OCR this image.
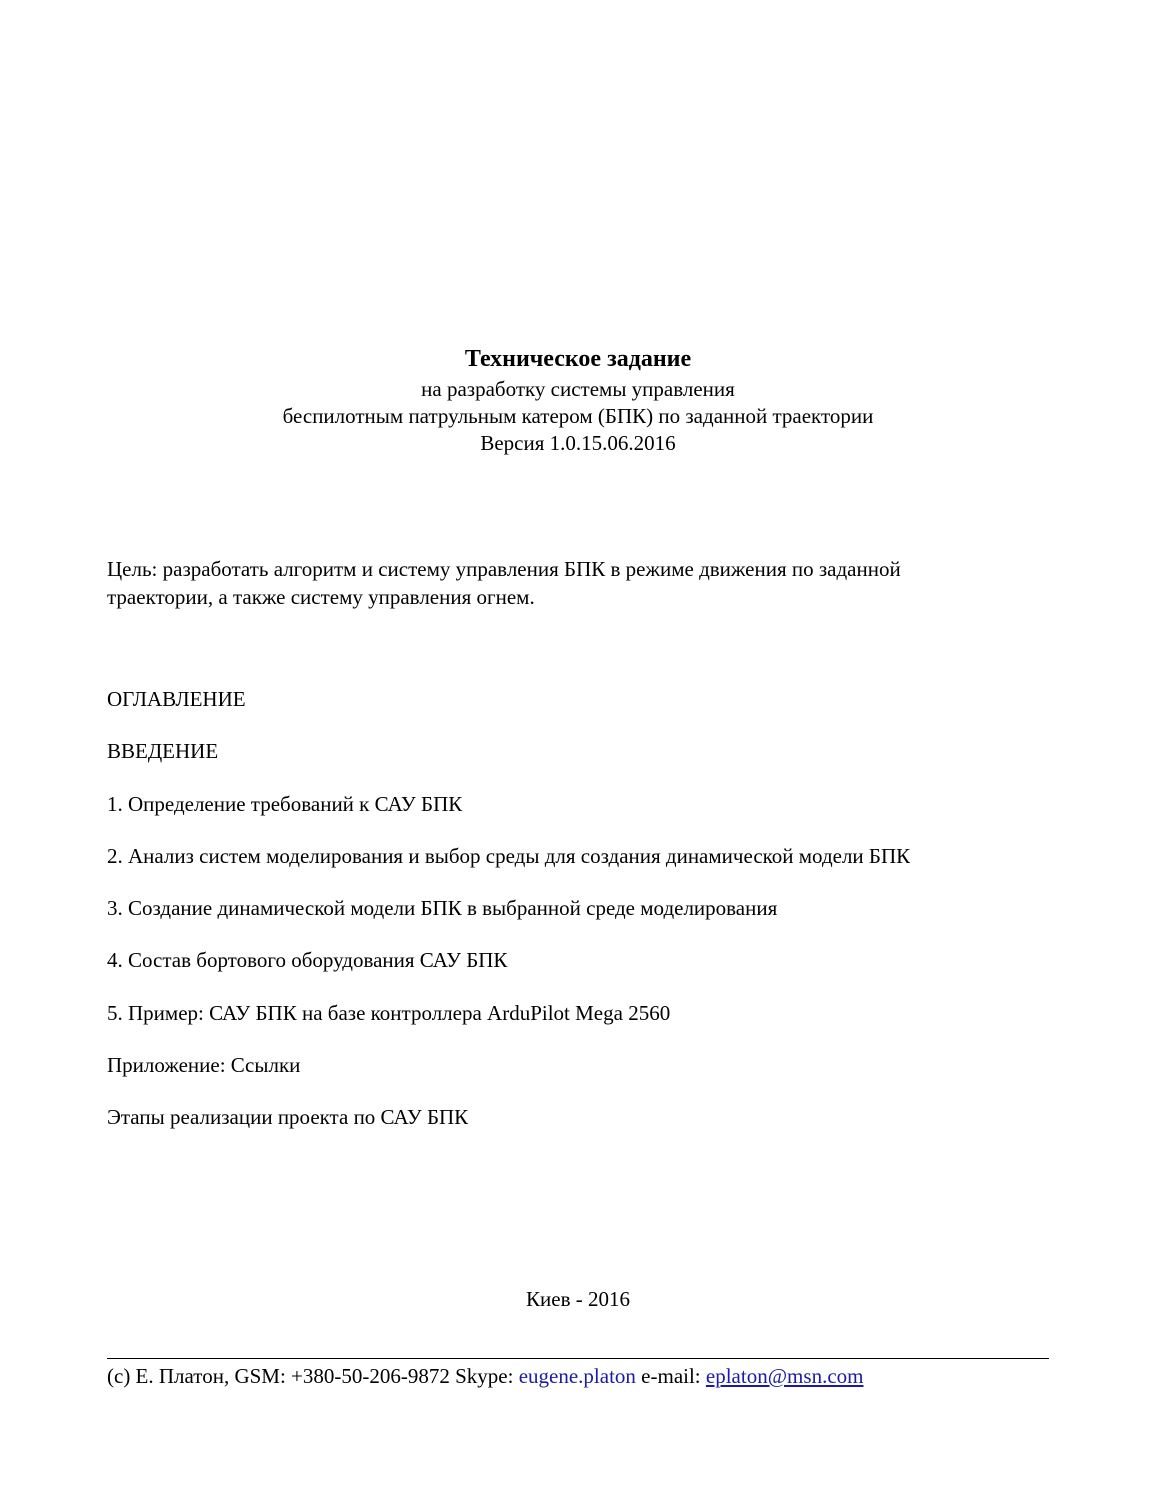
Техническое задание
на разработку системы управления
беспилотным патрульным катером (БПК) по заданной траектории
Версия 1.0.15.06.2016
Цель: разработать алгоритм и систему управления БПК в режиме движения по заданной
траектории, а также систему управления огнем.
ОГЛАВЛЕНИЕ
ВВЕДЕНИЕ
1. Определение требований к САУ БПК
2. Анализ систем моделирования и выбор среды для создания динамической модели БПК
3. Создание динамической модели БПК в выбранной среде моделирования
4. Состав бортового оборудования САУ БПК
5. Пример: САУ БПК на базе контроллера ArduPilot Mega 2560
Приложение: Ссылки
Этапы реализации проекта по САУ БПК
Киев - 2016
(с) Е. Платон, GSM: +380-50-206-9872 Skype: eugene.platon e-mail: eplaton@msn.com
